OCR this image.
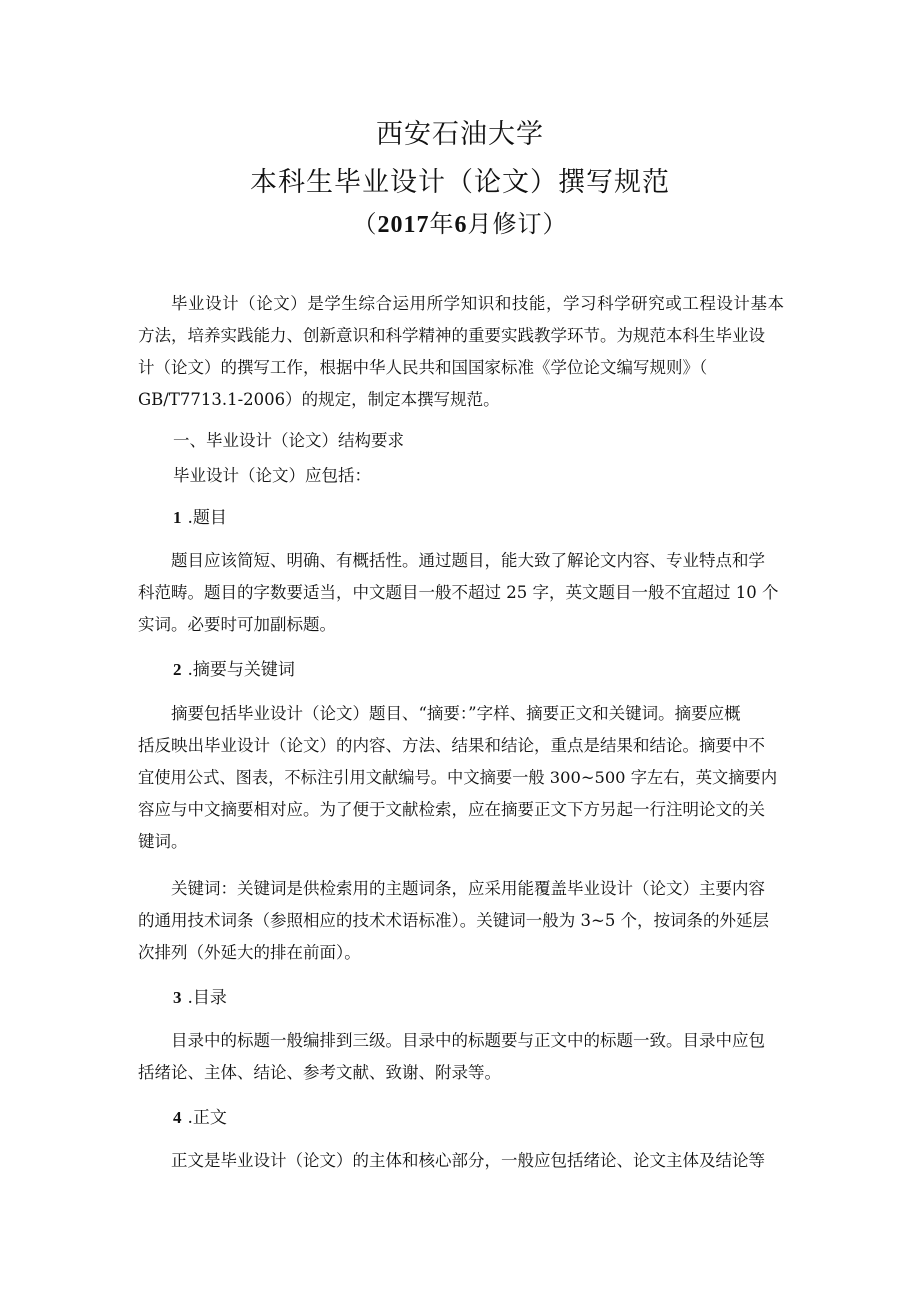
西安石油大学
本科生毕业设计（论文）撰写规范
（2017年6月修订）
毕业设计（论文）是学生综合运用所学知识和技能，学习科学研究或工程设计基本
方法，培养实践能力、创新意识和科学精神的重要实践教学环节。为规范本科生毕业设
计（论文）的撰写工作，根据中华人民共和国国家标准《学位论文编写规则》（
GB/T7713.1-2006）的规定，制定本撰写规范。
一、毕业设计（论文）结构要求
毕业设计（论文）应包括：
1 .题目
题目应该简短、明确、有概括性。通过题目，能大致了解论文内容、专业特点和学
科范畴。题目的字数要适当，中文题目一般不超过 25 字，英文题目一般不宜超过 10 个
实词。必要时可加副标题。
2 .摘要与关键词
摘要包括毕业设计（论文）题目、“摘要：”字样、摘要正文和关键词。摘要应概
括反映出毕业设计（论文）的内容、方法、结果和结论，重点是结果和结论。摘要中不
宜使用公式、图表，不标注引用文献编号。中文摘要一般 300~500 字左右，英文摘要内
容应与中文摘要相对应。为了便于文献检索，应在摘要正文下方另起一行注明论文的关
键词。
关键词：关键词是供检索用的主题词条，应采用能覆盖毕业设计（论文）主要内容
的通用技术词条（参照相应的技术术语标准）。关键词一般为 3~5 个，按词条的外延层
次排列（外延大的排在前面）。
3 .目录
目录中的标题一般编排到三级。目录中的标题要与正文中的标题一致。目录中应包
括绪论、主体、结论、参考文献、致谢、附录等。
4 .正文
正文是毕业设计（论文）的主体和核心部分，一般应包括绪论、论文主体及结论等
